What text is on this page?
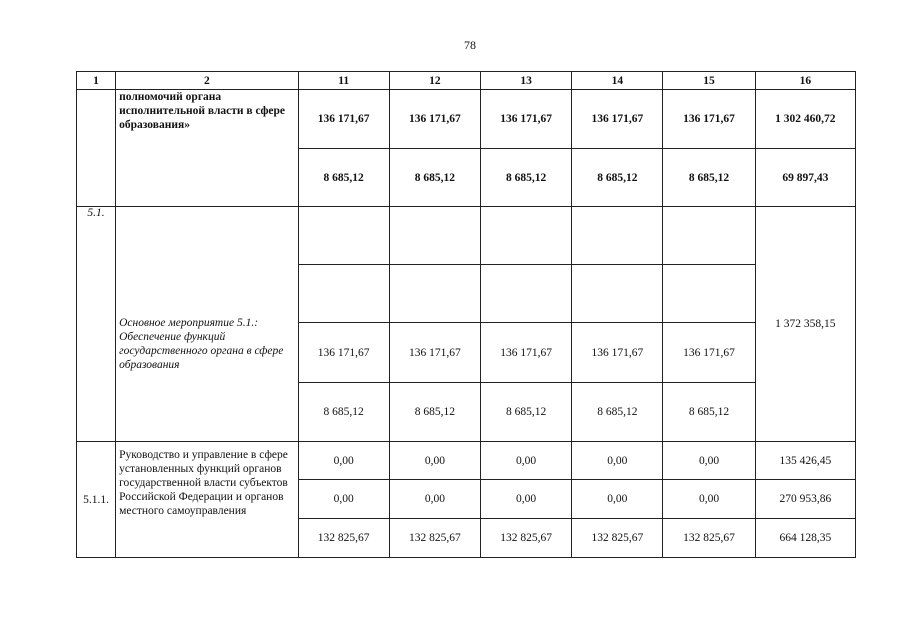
78
1	2	11	12	13	14	15	16
	полномочий органа исполнительной власти в сфере образования»	136 171,67	136 171,67	136 171,67	136 171,67	136 171,67	1 302 460,72
		8 685,12	8 685,12	8 685,12	8 685,12	8 685,12	69 897,43
5.1.	Основное мероприятие 5.1.: Обеспечение функций государственного органа в сфере образования						1 372 358,15

		136 171,67	136 171,67	136 171,67	136 171,67	136 171,67	
		8 685,12	8 685,12	8 685,12	8 685,12	8 685,12	
5.1.1.	Руководство и управление в сфере установленных функций органов государственной власти субъектов Российской Федерации и органов местного самоуправления	0,00	0,00	0,00	0,00	0,00	135 426,45
		0,00	0,00	0,00	0,00	0,00	270 953,86
		132 825,67	132 825,67	132 825,67	132 825,67	132 825,67	664 128,35
